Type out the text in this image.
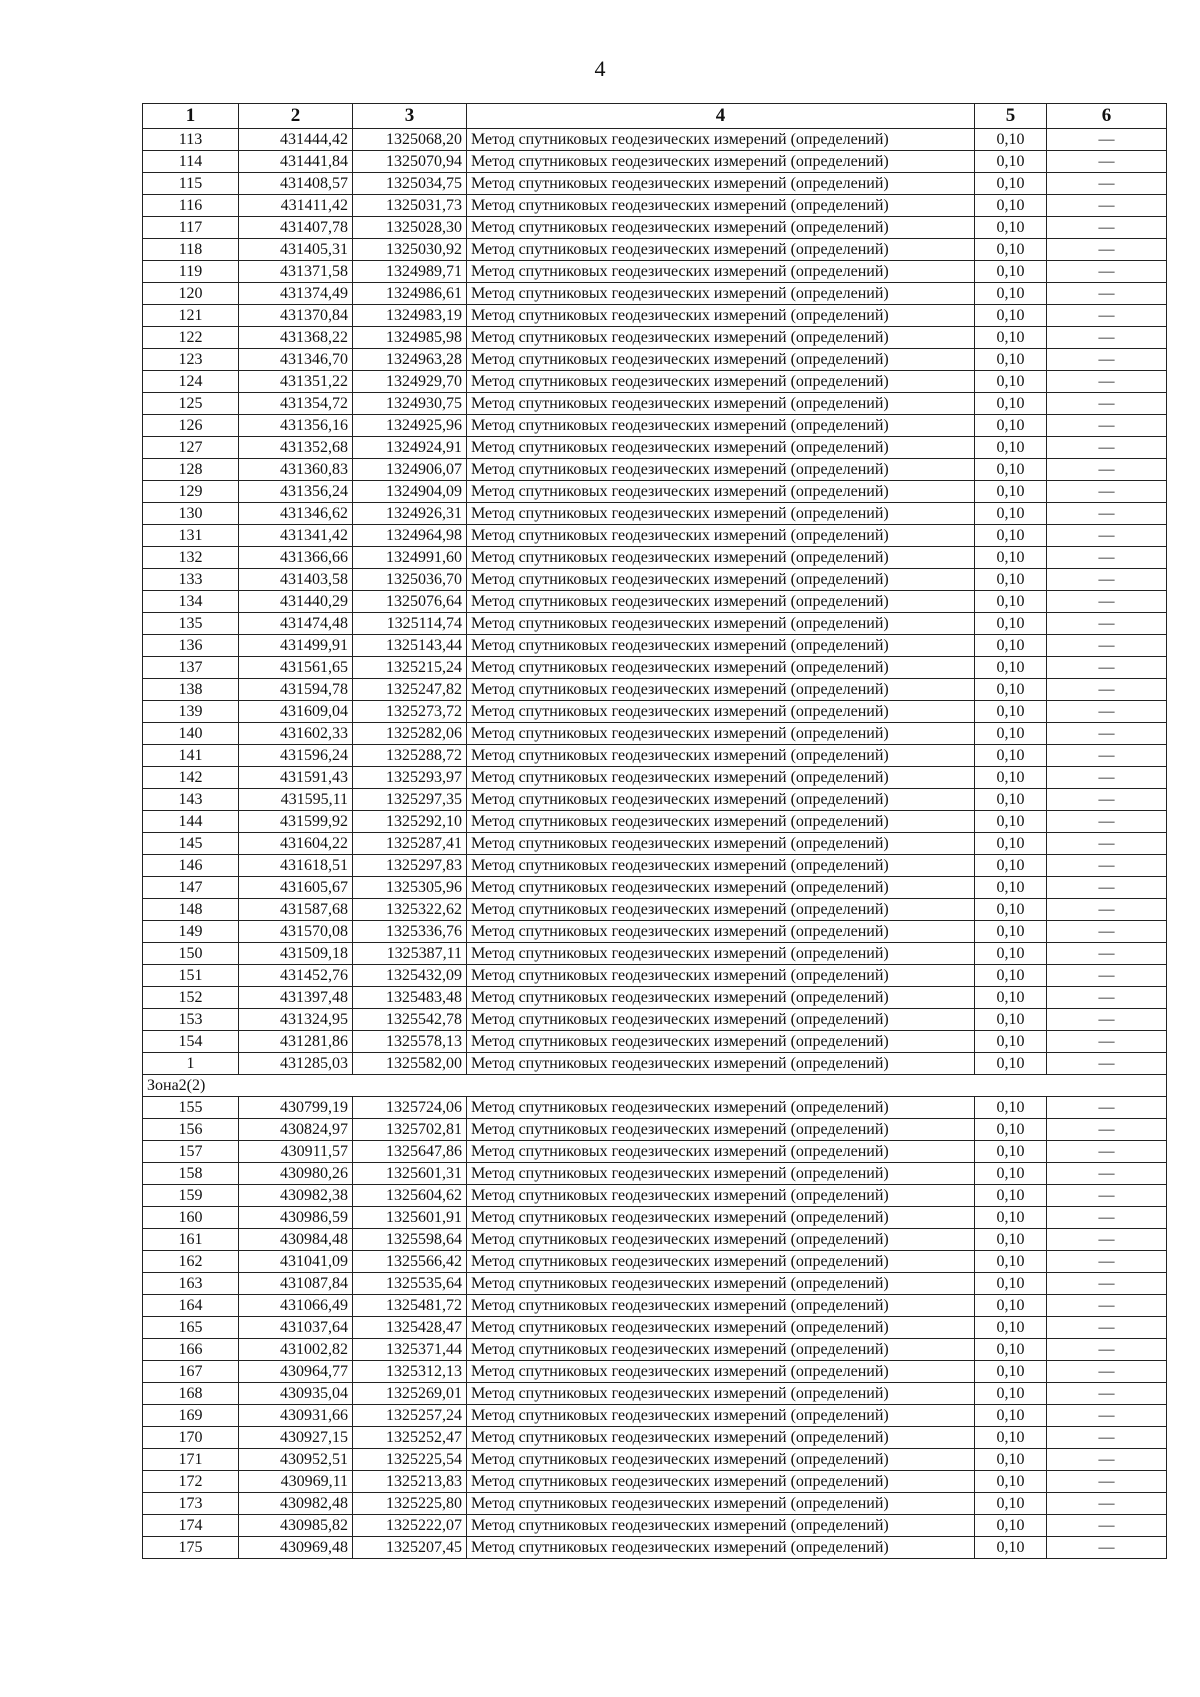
4
1	2	3	4	5	6
113	431444,42	1325068,20	Метод спутниковых геодезических измерений (определений)	0,10	—
114	431441,84	1325070,94	Метод спутниковых геодезических измерений (определений)	0,10	—
115	431408,57	1325034,75	Метод спутниковых геодезических измерений (определений)	0,10	—
116	431411,42	1325031,73	Метод спутниковых геодезических измерений (определений)	0,10	—
117	431407,78	1325028,30	Метод спутниковых геодезических измерений (определений)	0,10	—
118	431405,31	1325030,92	Метод спутниковых геодезических измерений (определений)	0,10	—
119	431371,58	1324989,71	Метод спутниковых геодезических измерений (определений)	0,10	—
120	431374,49	1324986,61	Метод спутниковых геодезических измерений (определений)	0,10	—
121	431370,84	1324983,19	Метод спутниковых геодезических измерений (определений)	0,10	—
122	431368,22	1324985,98	Метод спутниковых геодезических измерений (определений)	0,10	—
123	431346,70	1324963,28	Метод спутниковых геодезических измерений (определений)	0,10	—
124	431351,22	1324929,70	Метод спутниковых геодезических измерений (определений)	0,10	—
125	431354,72	1324930,75	Метод спутниковых геодезических измерений (определений)	0,10	—
126	431356,16	1324925,96	Метод спутниковых геодезических измерений (определений)	0,10	—
127	431352,68	1324924,91	Метод спутниковых геодезических измерений (определений)	0,10	—
128	431360,83	1324906,07	Метод спутниковых геодезических измерений (определений)	0,10	—
129	431356,24	1324904,09	Метод спутниковых геодезических измерений (определений)	0,10	—
130	431346,62	1324926,31	Метод спутниковых геодезических измерений (определений)	0,10	—
131	431341,42	1324964,98	Метод спутниковых геодезических измерений (определений)	0,10	—
132	431366,66	1324991,60	Метод спутниковых геодезических измерений (определений)	0,10	—
133	431403,58	1325036,70	Метод спутниковых геодезических измерений (определений)	0,10	—
134	431440,29	1325076,64	Метод спутниковых геодезических измерений (определений)	0,10	—
135	431474,48	1325114,74	Метод спутниковых геодезических измерений (определений)	0,10	—
136	431499,91	1325143,44	Метод спутниковых геодезических измерений (определений)	0,10	—
137	431561,65	1325215,24	Метод спутниковых геодезических измерений (определений)	0,10	—
138	431594,78	1325247,82	Метод спутниковых геодезических измерений (определений)	0,10	—
139	431609,04	1325273,72	Метод спутниковых геодезических измерений (определений)	0,10	—
140	431602,33	1325282,06	Метод спутниковых геодезических измерений (определений)	0,10	—
141	431596,24	1325288,72	Метод спутниковых геодезических измерений (определений)	0,10	—
142	431591,43	1325293,97	Метод спутниковых геодезических измерений (определений)	0,10	—
143	431595,11	1325297,35	Метод спутниковых геодезических измерений (определений)	0,10	—
144	431599,92	1325292,10	Метод спутниковых геодезических измерений (определений)	0,10	—
145	431604,22	1325287,41	Метод спутниковых геодезических измерений (определений)	0,10	—
146	431618,51	1325297,83	Метод спутниковых геодезических измерений (определений)	0,10	—
147	431605,67	1325305,96	Метод спутниковых геодезических измерений (определений)	0,10	—
148	431587,68	1325322,62	Метод спутниковых геодезических измерений (определений)	0,10	—
149	431570,08	1325336,76	Метод спутниковых геодезических измерений (определений)	0,10	—
150	431509,18	1325387,11	Метод спутниковых геодезических измерений (определений)	0,10	—
151	431452,76	1325432,09	Метод спутниковых геодезических измерений (определений)	0,10	—
152	431397,48	1325483,48	Метод спутниковых геодезических измерений (определений)	0,10	—
153	431324,95	1325542,78	Метод спутниковых геодезических измерений (определений)	0,10	—
154	431281,86	1325578,13	Метод спутниковых геодезических измерений (определений)	0,10	—
1	431285,03	1325582,00	Метод спутниковых геодезических измерений (определений)	0,10	—
Зона2(2)					
155	430799,19	1325724,06	Метод спутниковых геодезических измерений (определений)	0,10	—
156	430824,97	1325702,81	Метод спутниковых геодезических измерений (определений)	0,10	—
157	430911,57	1325647,86	Метод спутниковых геодезических измерений (определений)	0,10	—
158	430980,26	1325601,31	Метод спутниковых геодезических измерений (определений)	0,10	—
159	430982,38	1325604,62	Метод спутниковых геодезических измерений (определений)	0,10	—
160	430986,59	1325601,91	Метод спутниковых геодезических измерений (определений)	0,10	—
161	430984,48	1325598,64	Метод спутниковых геодезических измерений (определений)	0,10	—
162	431041,09	1325566,42	Метод спутниковых геодезических измерений (определений)	0,10	—
163	431087,84	1325535,64	Метод спутниковых геодезических измерений (определений)	0,10	—
164	431066,49	1325481,72	Метод спутниковых геодезических измерений (определений)	0,10	—
165	431037,64	1325428,47	Метод спутниковых геодезических измерений (определений)	0,10	—
166	431002,82	1325371,44	Метод спутниковых геодезических измерений (определений)	0,10	—
167	430964,77	1325312,13	Метод спутниковых геодезических измерений (определений)	0,10	—
168	430935,04	1325269,01	Метод спутниковых геодезических измерений (определений)	0,10	—
169	430931,66	1325257,24	Метод спутниковых геодезических измерений (определений)	0,10	—
170	430927,15	1325252,47	Метод спутниковых геодезических измерений (определений)	0,10	—
171	430952,51	1325225,54	Метод спутниковых геодезических измерений (определений)	0,10	—
172	430969,11	1325213,83	Метод спутниковых геодезических измерений (определений)	0,10	—
173	430982,48	1325225,80	Метод спутниковых геодезических измерений (определений)	0,10	—
174	430985,82	1325222,07	Метод спутниковых геодезических измерений (определений)	0,10	—
175	430969,48	1325207,45	Метод спутниковых геодезических измерений (определений)	0,10	—
